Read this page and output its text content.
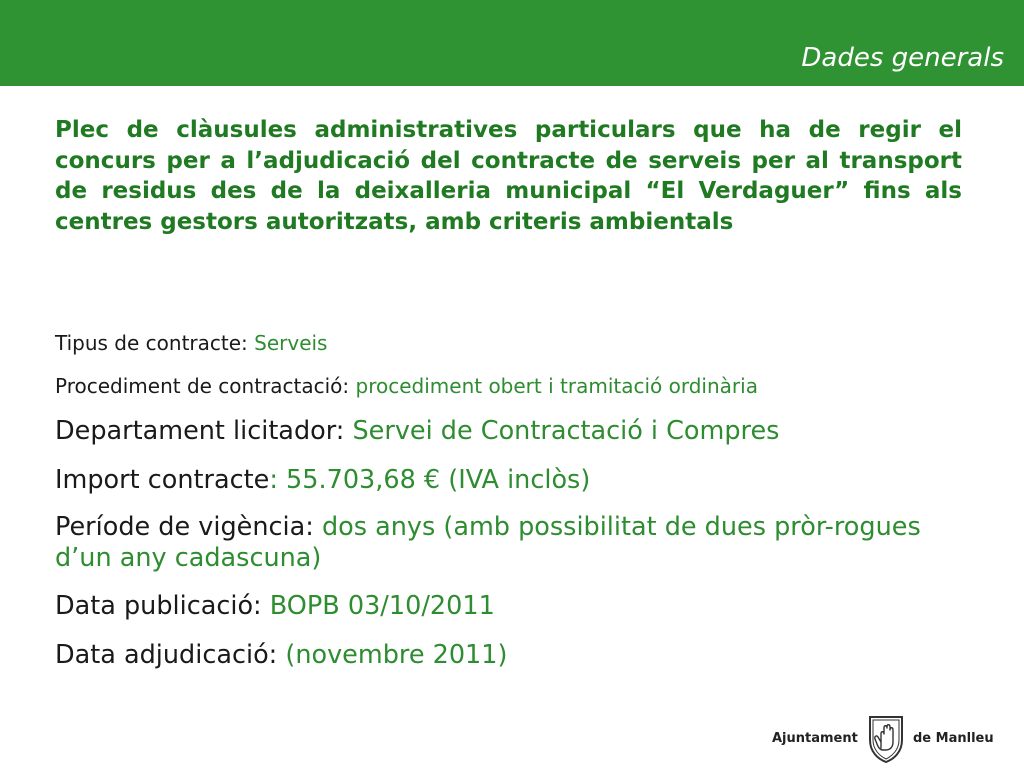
Dades generals

Plec de clàusules administratives particulars que ha de regir el concurs per a l’adjudicació del contracte de serveis per al transport de residus des de la deixalleria municipal “El Verdaguer” fins als centres gestors autoritzats, amb criteris ambientals

Tipus de contracte: Serveis

Procediment de contractació: procediment obert i tramitació ordinària

Departament licitador: Servei de Contractació i Compres

Import contracte: 55.703,68 € (IVA inclòs)

Període de vigència: dos anys (amb possibilitat de dues pròr-rogues d’un any cadascuna)

Data publicació: BOPB 03/10/2011

Data adjudicació: (novembre 2011)

Ajuntament	de Manlleu
